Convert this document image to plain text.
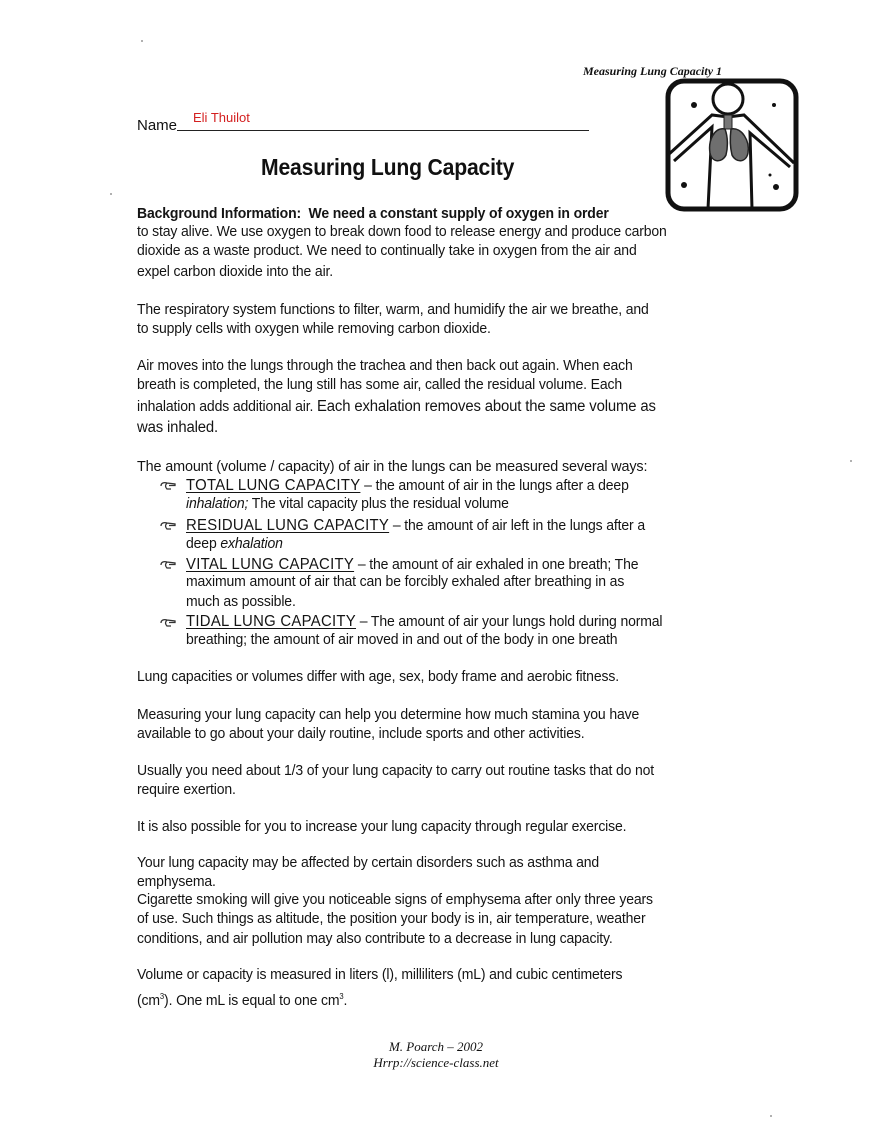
Measuring Lung Capacity 1
Name Eli Thuilot
Measuring Lung Capacity
Background Information: We need a constant supply of oxygen in order
to stay alive. We use oxygen to break down food to release energy and produce carbon
dioxide as a waste product. We need to continually take in oxygen from the air and
expel carbon dioxide into the air.
The respiratory system functions to filter, warm, and humidify the air we breathe, and
to supply cells with oxygen while removing carbon dioxide.
Air moves into the lungs through the trachea and then back out again. When each
breath is completed, the lung still has some air, called the residual volume. Each
inhalation adds additional air. Each exhalation removes about the same volume as
was inhaled.
The amount (volume / capacity) of air in the lungs can be measured several ways:
TOTAL LUNG CAPACITY – the amount of air in the lungs after a deep
inhalation; The vital capacity plus the residual volume
RESIDUAL LUNG CAPACITY – the amount of air left in the lungs after a
deep exhalation
VITAL LUNG CAPACITY – the amount of air exhaled in one breath; The
maximum amount of air that can be forcibly exhaled after breathing in as
much as possible.
TIDAL LUNG CAPACITY – The amount of air your lungs hold during normal
breathing; the amount of air moved in and out of the body in one breath
Lung capacities or volumes differ with age, sex, body frame and aerobic fitness.
Measuring your lung capacity can help you determine how much stamina you have
available to go about your daily routine, include sports and other activities.
Usually you need about 1/3 of your lung capacity to carry out routine tasks that do not
require exertion.
It is also possible for you to increase your lung capacity through regular exercise.
Your lung capacity may be affected by certain disorders such as asthma and
emphysema.
Cigarette smoking will give you noticeable signs of emphysema after only three years
of use. Such things as altitude, the position your body is in, air temperature, weather
conditions, and air pollution may also contribute to a decrease in lung capacity.
Volume or capacity is measured in liters (l), milliliters (mL) and cubic centimeters
$(cm^3)$. One mL is equal to one $cm^3$.
M. Poarch – 2002
Hrrp://science-class.net
